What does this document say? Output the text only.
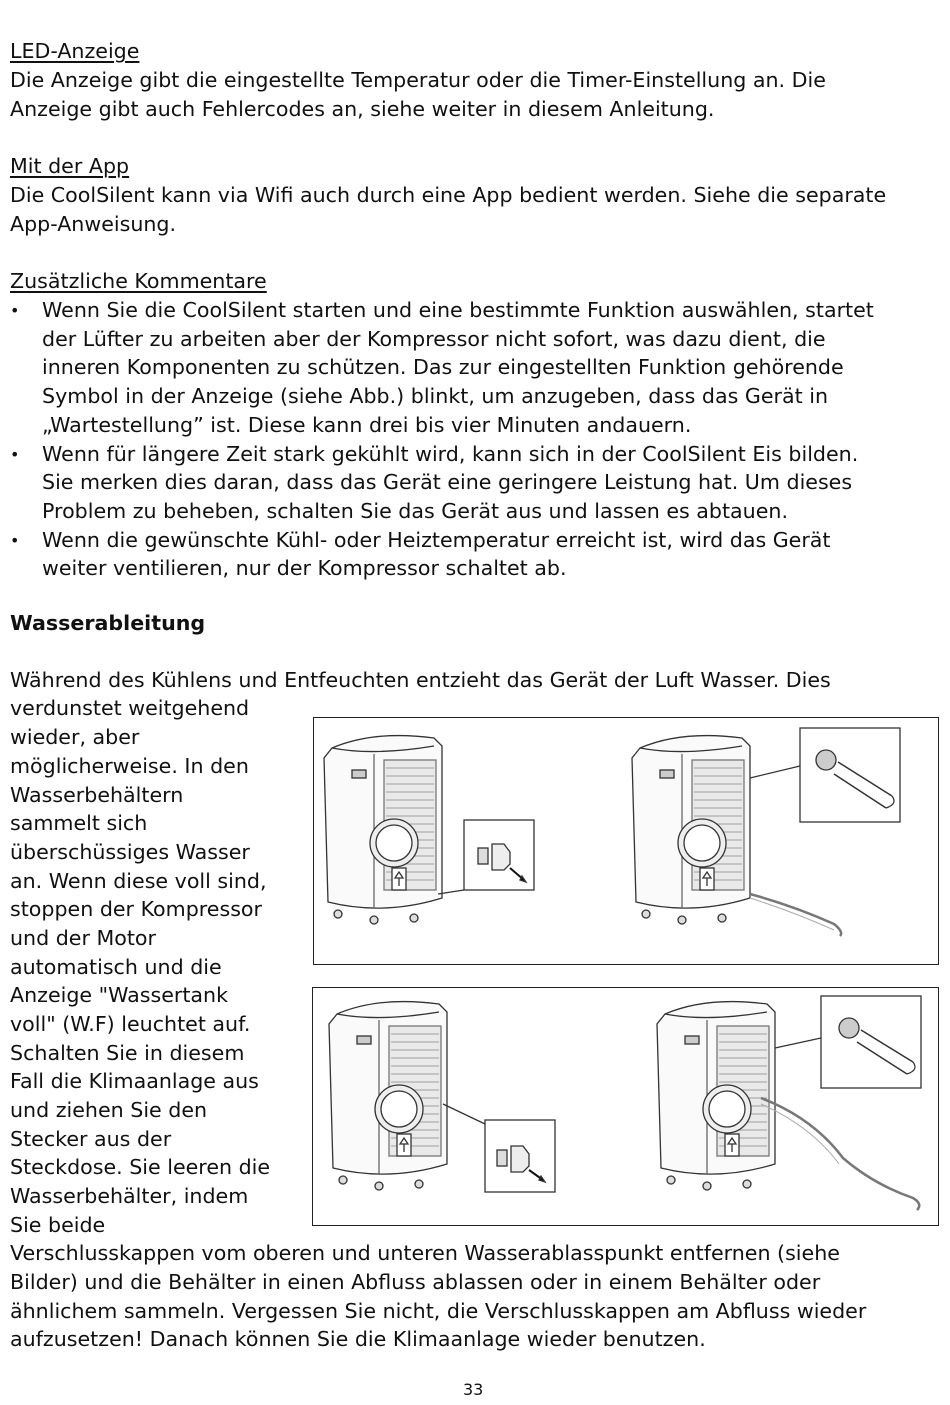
LED-Anzeige
Die Anzeige gibt die eingestellte Temperatur oder die Timer-Einstellung an. Die
Anzeige gibt auch Fehlercodes an, siehe weiter in diesem Anleitung.
Mit der App
Die CoolSilent kann via Wifi auch durch eine App bedient werden. Siehe die separate
App-Anweisung.
Zusätzliche Kommentare
• Wenn Sie die CoolSilent starten und eine bestimmte Funktion auswählen, startet
der Lüfter zu arbeiten aber der Kompressor nicht sofort, was dazu dient, die
inneren Komponenten zu schützen. Das zur eingestellten Funktion gehörende
Symbol in der Anzeige (siehe Abb.) blinkt, um anzugeben, dass das Gerät in
„Wartestellung” ist. Diese kann drei bis vier Minuten andauern.
• Wenn für längere Zeit stark gekühlt wird, kann sich in der CoolSilent Eis bilden.
Sie merken dies daran, dass das Gerät eine geringere Leistung hat. Um dieses
Problem zu beheben, schalten Sie das Gerät aus und lassen es abtauen.
• Wenn die gewünschte Kühl- oder Heiztemperatur erreicht ist, wird das Gerät
weiter ventilieren, nur der Kompressor schaltet ab.
Wasserableitung
Während des Kühlens und Entfeuchten entzieht das Gerät der Luft Wasser. Dies
verdunstet weitgehend
wieder, aber
möglicherweise. In den
Wasserbehältern
sammelt sich
überschüssiges Wasser
an. Wenn diese voll sind,
stoppen der Kompressor
und der Motor
automatisch und die
Anzeige "Wassertank
voll" (W.F) leuchtet auf.
Schalten Sie in diesem
Fall die Klimaanlage aus
und ziehen Sie den
Stecker aus der
Steckdose. Sie leeren die
Wasserbehälter, indem
Sie beide
Verschlusskappen vom oberen und unteren Wasserablasspunkt entfernen (siehe
Bilder) und die Behälter in einen Abfluss ablassen oder in einem Behälter oder
ähnlichem sammeln. Vergessen Sie nicht, die Verschlusskappen am Abfluss wieder
aufzusetzen! Danach können Sie die Klimaanlage wieder benutzen.
33
